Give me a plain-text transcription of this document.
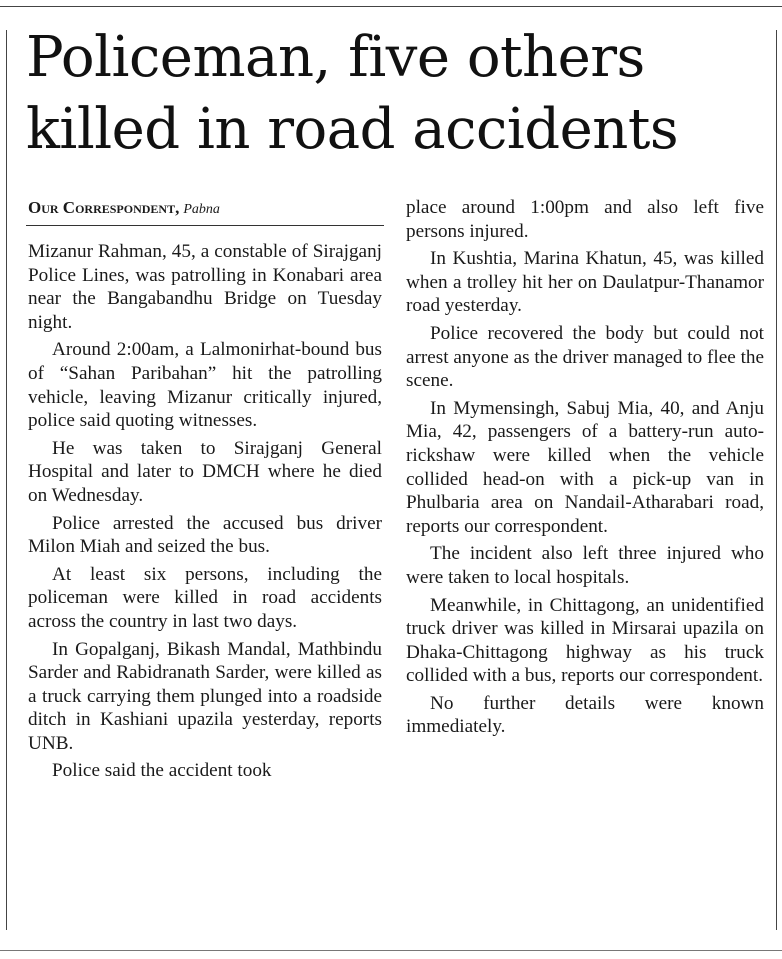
Policeman, five others killed in road accidents
Our Correspondent, Pabna

Mizanur Rahman, 45, a constable of Sirajganj Police Lines, was patrolling in Konabari area near the Bangabandhu Bridge on Tuesday night.

Around 2:00am, a Lalmonirhat-bound bus of “Sahan Paribahan” hit the patrolling vehicle, leaving Mizanur critically injured, police said quoting witnesses.

He was taken to Sirajganj General Hospital and later to DMCH where he died on Wednesday.

Police arrested the accused bus driver Milon Miah and seized the bus.

At least six persons, including the policeman were killed in road accidents across the country in last two days.

In Gopalganj, Bikash Mandal, Mathbindu Sarder and Rabidranath Sarder, were killed as a truck carrying them plunged into a roadside ditch in Kashiani upazila yesterday, reports UNB.

Police said the accident took

place around 1:00pm and also left five persons injured.

In Kushtia, Marina Khatun, 45, was killed when a trolley hit her on Daulatpur-Thanamor road yesterday.

Police recovered the body but could not arrest anyone as the driver managed to flee the scene.

In Mymensingh, Sabuj Mia, 40, and Anju Mia, 42, passengers of a battery-run auto-rickshaw were killed when the vehicle collided head-on with a pick-up van in Phulbaria area on Nandail-Atharabari road, reports our correspondent.

The incident also left three injured who were taken to local hospitals.

Meanwhile, in Chittagong, an unidentified truck driver was killed in Mirsarai upazila on Dhaka-Chittagong highway as his truck collided with a bus, reports our correspondent.

No further details were known immediately.
